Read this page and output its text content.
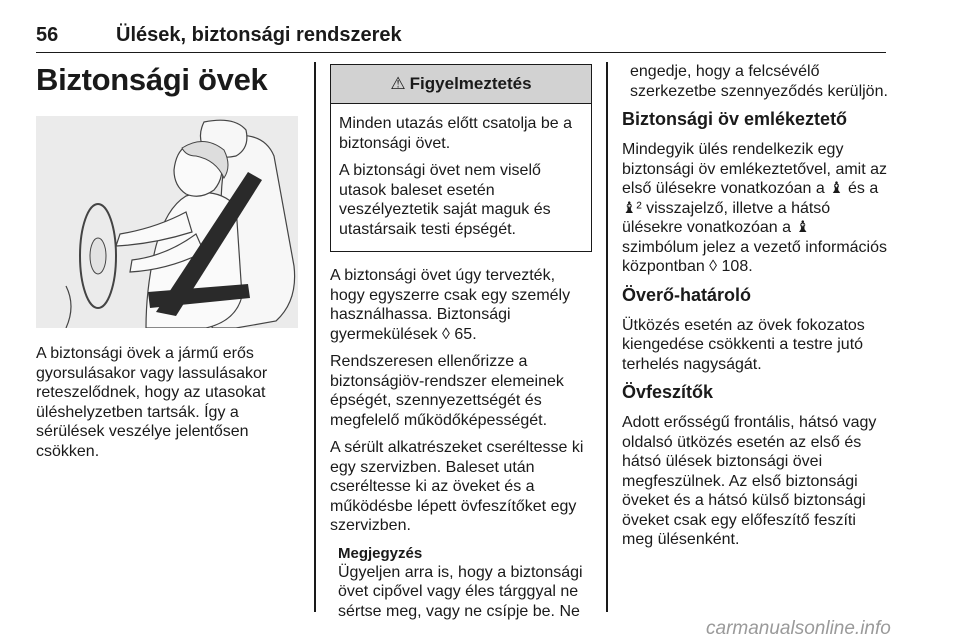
56	Ülések, biztonsági rendszerek
Biztonsági övek

A biztonsági övek a jármű erős gyorsulásakor vagy lassulásakor reteszelődnek, hogy az utasokat üléshelyzetben tartsák. Így a sérülések veszélye jelentősen csökken.

⚠ Figyelmeztetés

Minden utazás előtt csatolja be a biztonsági övet.

A biztonsági övet nem viselő utasok baleset esetén veszélyeztetik saját maguk és utastársaik testi épségét.

A biztonsági övet úgy tervezték, hogy egyszerre csak egy személy használhassa. Biztonsági gyermekülések ◊ 65.

Rendszeresen ellenőrizze a biztonságiöv-rendszer elemeinek épségét, szennyezettségét és megfelelő működőképességét.

A sérült alkatrészeket cseréltesse ki egy szervizben. Baleset után cseréltesse ki az öveket és a működésbe lépett övfeszítőket egy szervizben.

Megjegyzés

Ügyeljen arra is, hogy a biztonsági övet cipővel vagy éles tárggyal ne sértse meg, vagy ne csípje be. Ne

engedje, hogy a felcsévélő szerkezetbe szennyeződés kerüljön.

Biztonsági öv emlékeztető

Mindegyik ülés rendelkezik egy biztonsági öv emlékeztetővel, amit az első ülésekre vonatkozóan a ♝ és a ♝² visszajelző, illetve a hátsó ülésekre vonatkozóan a ♝ szimbólum jelez a vezető információs központban ◊ 108.

Överő-határoló

Ütközés esetén az övek fokozatos kiengedése csökkenti a testre jutó terhelés nagyságát.

Övfeszítők

Adott erősségű frontális, hátsó vagy oldalsó ütközés esetén az első és hátsó ülések biztonsági övei megfeszülnek. Az első biztonsági öveket és a hátsó külső biztonsági öveket csak egy előfeszítő feszíti meg ülésenként.

carmanualsonline.info
